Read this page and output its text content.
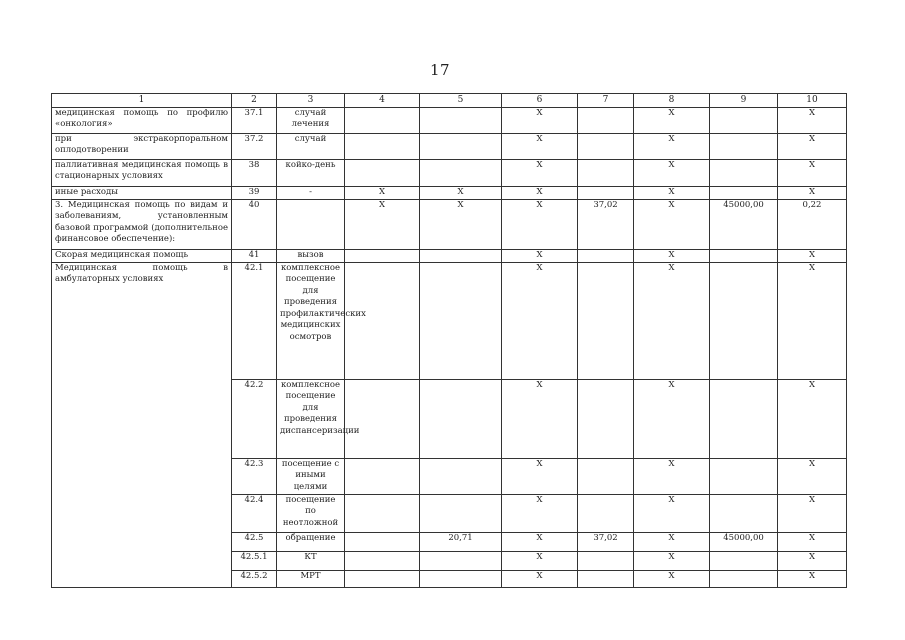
17
1	2	3	4	5	6	7	8	9	10
медицинская помощь по профилю «онкология»	37.1	случай лечения			Х		Х		Х
при экстракорпоральном оплодотворении	37.2	случай			Х		Х		Х
паллиативная медицинская помощь в стационарных условиях	38	койко-день			Х		Х		Х
иные расходы	39	-	Х	Х	Х		Х		Х
3. Медицинская помощь по видам и заболеваниям, установленным базовой программой (дополнительное финансовое обеспечение):	40		Х	Х	Х	37,02	Х	45000,00	0,22
Скорая медицинская помощь	41	вызов			Х		Х		Х
Медицинская помощь в амбулаторных условиях	42.1	комплексное посещение для проведения профилактических медицинских осмотров			Х		Х		Х
	42.2	комплексное посещение для проведения диспансеризации			Х		Х		Х
	42.3	посещение с иными целями			Х		Х		Х
	42.4	посещение по неотложной			Х		Х		Х
	42.5	обращение		20,71	Х	37,02	Х	45000,00	Х
	42.5.1	КТ			Х		Х		Х
	42.5.2	МРТ			Х		Х		Х
